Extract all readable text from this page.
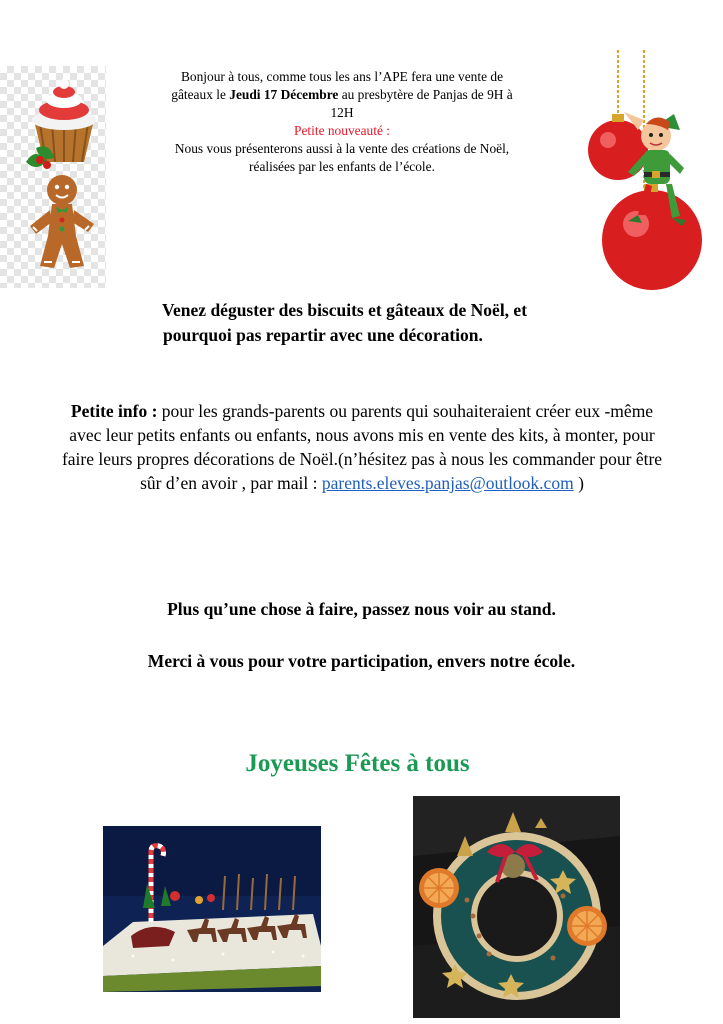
Bonjour à tous, comme tous les ans l’APE fera une vente de
gâteaux le Jeudi 17 Décembre au presbytère de Panjas de 9H à
12H
Petite nouveauté :
Nous vous présenterons aussi à la vente des créations de Noël,
réalisées par les enfants de l’école.
Venez déguster des biscuits et gâteaux de Noël, et
pourquoi pas repartir avec une décoration.
Petite info : pour les grands-parents ou parents qui souhaiteraient créer eux -même avec leur petits enfants ou enfants, nous avons mis en vente des kits, à monter, pour faire leurs propres décorations de Noël.(n’hésitez pas à nous les commander pour être sûr d’en avoir , par mail : parents.eleves.panjas@outlook.com )
Plus qu’une chose à faire, passez nous voir au stand.
Merci à vous pour votre participation, envers notre école.
Joyeuses Fêtes à tous
